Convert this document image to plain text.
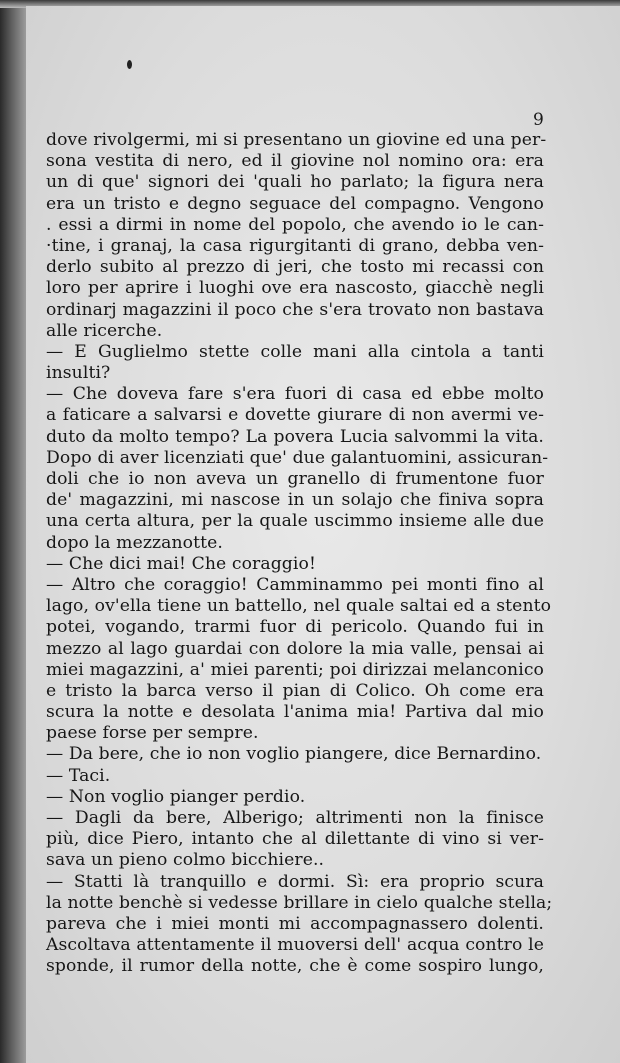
9
dove rivolgermi, mi si presentano un giovine ed una per-
sona vestita di nero, ed il giovine nol nomino ora: era
un di que' signori dei 'quali ho parlato; la figura nera
era un tristo e degno seguace del compagno. Vengono
. essi a dirmi in nome del popolo, che avendo io le can-
·tine, i granaj, la casa rigurgitanti di grano, debba ven-
derlo subito al prezzo di jeri, che tosto mi recassi con
loro per aprire i luoghi ove era nascosto, giacchè negli
ordinarj magazzini il poco che s'era trovato non bastava
alle ricerche.
— E Guglielmo stette colle mani alla cintola a tanti
insulti?
— Che doveva fare s'era fuori di casa ed ebbe molto
a faticare a salvarsi e dovette giurare di non avermi ve-
duto da molto tempo? La povera Lucia salvommi la vita.
Dopo di aver licenziati que' due galantuomini, assicuran-
doli che io non aveva un granello di frumentone fuor
de' magazzini, mi nascose in un solajo che finiva sopra
una certa altura, per la quale uscimmo insieme alle due
dopo la mezzanotte.
— Che dici mai! Che coraggio!
— Altro che coraggio! Camminammo pei monti fino al
lago, ov'ella tiene un battello, nel quale saltai ed a stento
potei, vogando, trarmi fuor di pericolo. Quando fui in
mezzo al lago guardai con dolore la mia valle, pensai ai
miei magazzini, a' miei parenti; poi dirizzai melanconico
e tristo la barca verso il pian di Colico. Oh come era
scura la notte e desolata l'anima mia! Partiva dal mio
paese forse per sempre.
— Da bere, che io non voglio piangere, dice Bernardino.
— Taci.
— Non voglio pianger perdio.
— Dagli da bere, Alberigo; altrimenti non la finisce
più, dice Piero, intanto che al dilettante di vino si ver-
sava un pieno colmo bicchiere..
— Statti là tranquillo e dormi. Sì: era proprio scura
la notte benchè si vedesse brillare in cielo qualche stella;
pareva che i miei monti mi accompagnassero dolenti.
Ascoltava attentamente il muoversi dell' acqua contro le
sponde, il rumor della notte, che è come sospiro lungo,
